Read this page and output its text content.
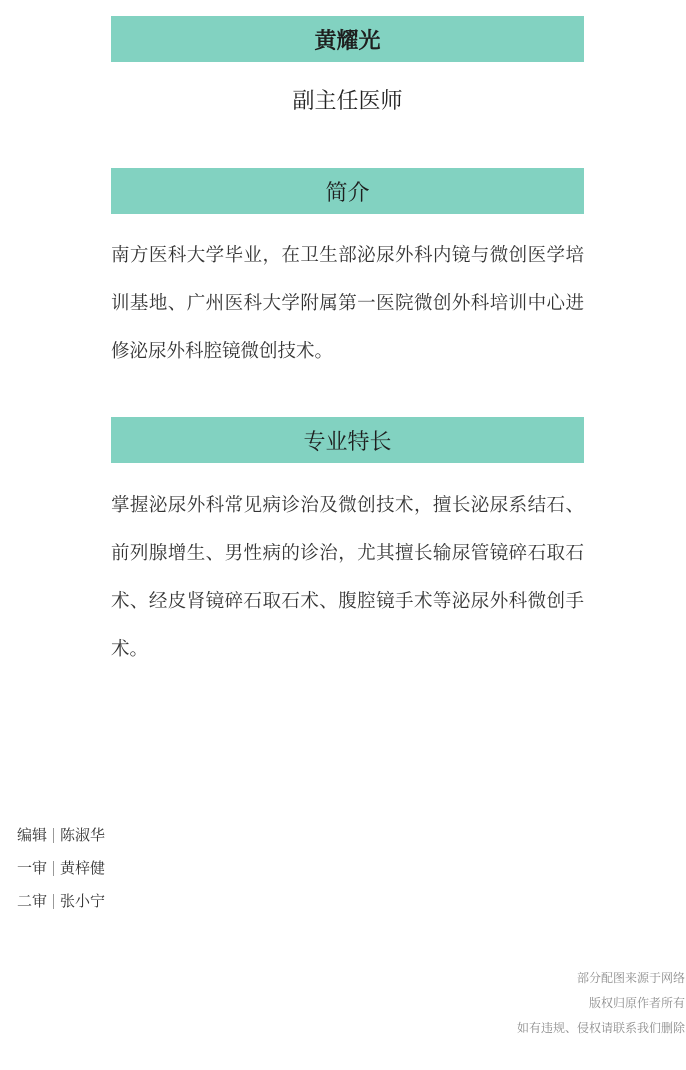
黄耀光
副主任医师
简介

南方医科大学毕业，在卫生部泌尿外科内镜与微创医学培训基地、广州医科大学附属第一医院微创外科培训中心进修泌尿外科腔镜微创技术。

专业特长

掌握泌尿外科常见病诊治及微创技术，擅长泌尿系结石、前列腺增生、男性病的诊治，尤其擅长输尿管镜碎石取石术、经皮肾镜碎石取石术、腹腔镜手术等泌尿外科微创手术。

编辑 陈淑华
一审 黄梓健
二审 张小宁
部分配图来源于网络
版权归原作者所有
如有违规、侵权请联系我们删除
